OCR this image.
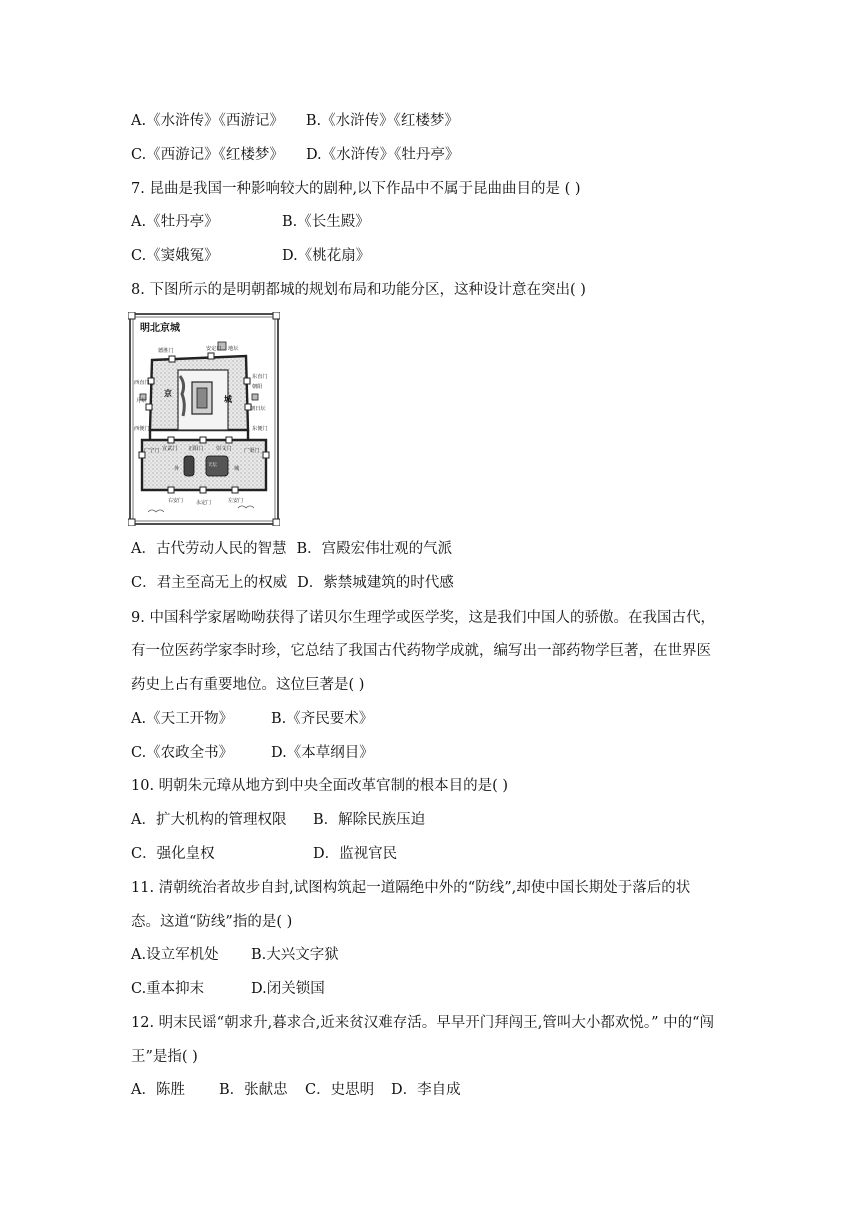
A.《水浒传》《西游记》 B.《水浒传》《红楼梦》
C.《西游记》《红楼梦》 D.《水浒传》《牡丹亭》
7. 昆曲是我国一种影响较大的剧种,以下作品中不属于昆曲曲目的是 ( )
A.《牡丹亭》	B.《长生殿》
C.《窦娥冤》	D.《桃花扇》
8. 下图所示的是明朝都城的规划布局和功能分区，这种设计意在突出( )
明北京城
德胜门	安定门 地坛
西直门
东直门
朝阳
月坛
朝日坛
西便门	东便门
广宁门 宣武门 正阳门 崇文门 广渠门
外	城
天坛
京
城
右安门	永定门	左安门
A．古代劳动人民的智慧 B．宫殿宏伟壮观的气派
C．君主至高无上的权威 D．紫禁城建筑的时代感
9. 中国科学家屠呦呦获得了诺贝尔生理学或医学奖，这是我们中国人的骄傲。在我国古代，
有一位医药学家李时珍，它总结了我国古代药物学成就，编写出一部药物学巨著，在世界医
药史上占有重要地位。这位巨著是( )
A.《天工开物》	B.《齐民要术》
C.《农政全书》	D.《本草纲目》
10. 明朝朱元璋从地方到中央全面改革官制的根本目的是( )
A．扩大机构的管理权限 B．解除民族压迫
C．强化皇权	D．监视官民
11. 清朝统治者故步自封,试图构筑起一道隔绝中外的“防线”,却使中国长期处于落后的状
态。这道“防线”指的是( )
A.设立军机处 B.大兴文字狱
C.重本抑末	D.闭关锁国
12. 明末民谣“朝求升,暮求合,近来贫汉难存活。早早开门拜闯王,管叫大小都欢悦。” 中的“闯
王”是指( )
A．陈胜 B．张献忠 C．史思明 D．李自成
